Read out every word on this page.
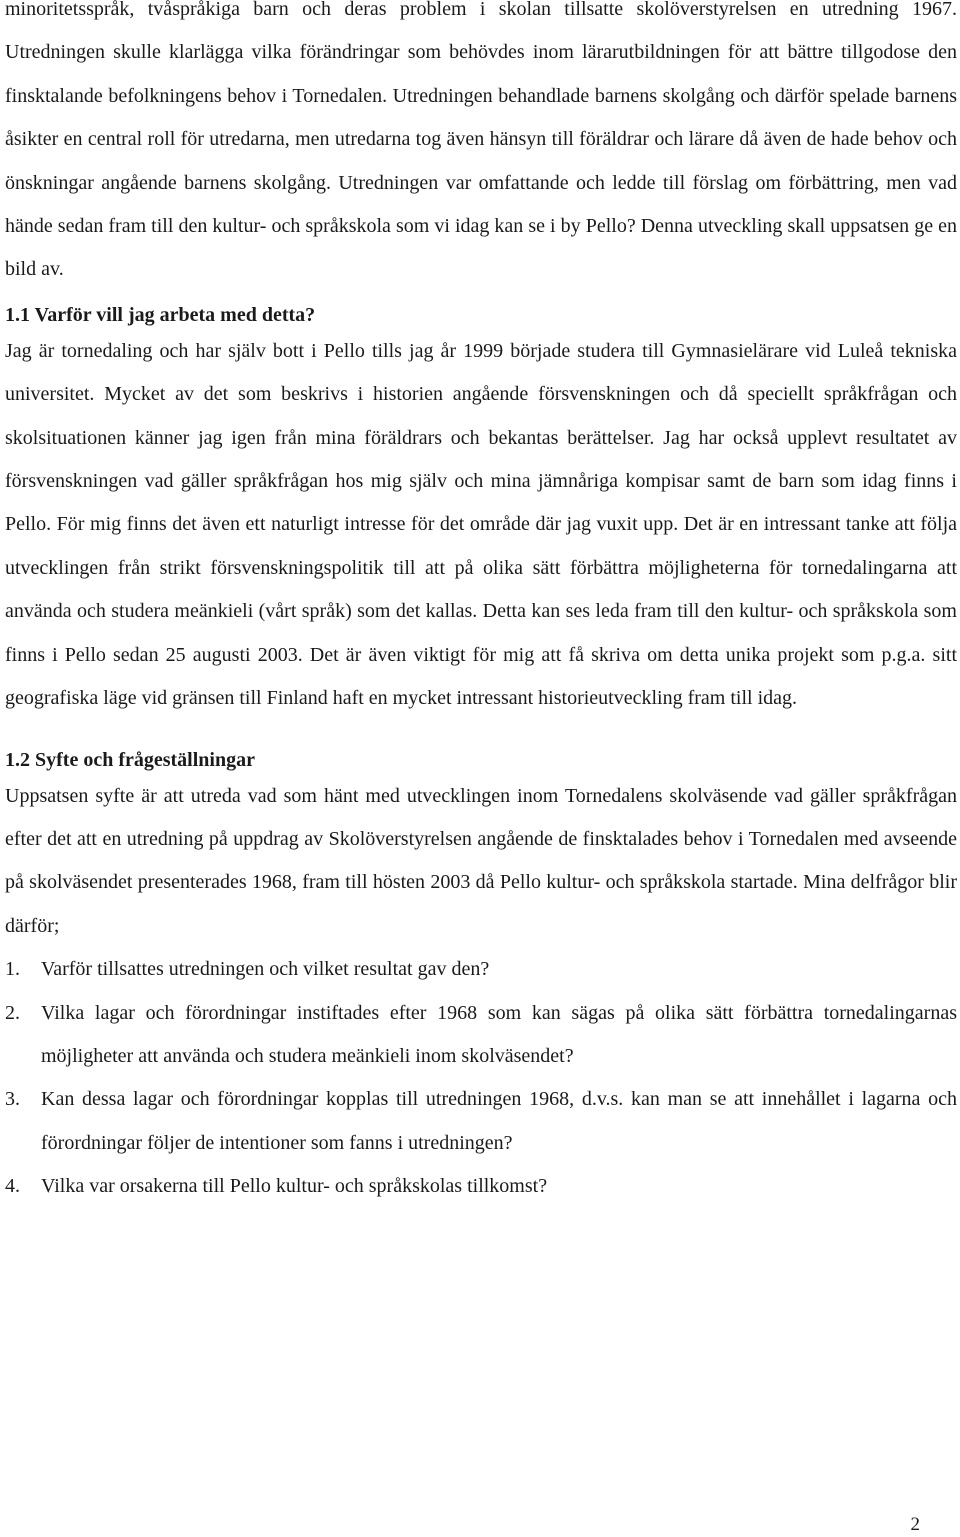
minoritetsspråk, tvåspråkiga barn och deras problem i skolan tillsatte skolöverstyrelsen en utredning 1967. Utredningen skulle klarlägga vilka förändringar som behövdes inom lärarutbildningen för att bättre tillgodose den finsktalande befolkningens behov i Tornedalen. Utredningen behandlade barnens skolgång och därför spelade barnens åsikter en central roll för utredarna, men utredarna tog även hänsyn till föräldrar och lärare då även de hade behov och önskningar angående barnens skolgång. Utredningen var omfattande och ledde till förslag om förbättring, men vad hände sedan fram till den kultur- och språkskola som vi idag kan se i by Pello? Denna utveckling skall uppsatsen ge en bild av.

1.1 Varför vill jag arbeta med detta?

Jag är tornedaling och har själv bott i Pello tills jag år 1999 började studera till Gymnasielärare vid Luleå tekniska universitet. Mycket av det som beskrivs i historien angående försvenskningen och då speciellt språkfrågan och skolsituationen känner jag igen från mina föräldrars och bekantas berättelser. Jag har också upplevt resultatet av försvenskningen vad gäller språkfrågan hos mig själv och mina jämnåriga kompisar samt de barn som idag finns i Pello. För mig finns det även ett naturligt intresse för det område där jag vuxit upp. Det är en intressant tanke att följa utvecklingen från strikt försvenskningspolitik till att på olika sätt förbättra möjligheterna för tornedalingarna att använda och studera meänkieli (vårt språk) som det kallas. Detta kan ses leda fram till den kultur- och språkskola som finns i Pello sedan 25 augusti 2003. Det är även viktigt för mig att få skriva om detta unika projekt som p.g.a. sitt geografiska läge vid gränsen till Finland haft en mycket intressant historieutveckling fram till idag.

1.2 Syfte och frågeställningar

Uppsatsen syfte är att utreda vad som hänt med utvecklingen inom Tornedalens skolväsende vad gäller språkfrågan efter det att en utredning på uppdrag av Skolöverstyrelsen angående de finsktalades behov i Tornedalen med avseende på skolväsendet presenterades 1968, fram till hösten 2003 då Pello kultur- och språkskola startade. Mina delfrågor blir därför;

1. Varför tillsattes utredningen och vilket resultat gav den?
2. Vilka lagar och förordningar instiftades efter 1968 som kan sägas på olika sätt förbättra tornedalingarnas möjligheter att använda och studera meänkieli inom skolväsendet?
3. Kan dessa lagar och förordningar kopplas till utredningen 1968, d.v.s. kan man se att innehållet i lagarna och förordningar följer de intentioner som fanns i utredningen?
4. Vilka var orsakerna till Pello kultur- och språkskolas tillkomst?
2
